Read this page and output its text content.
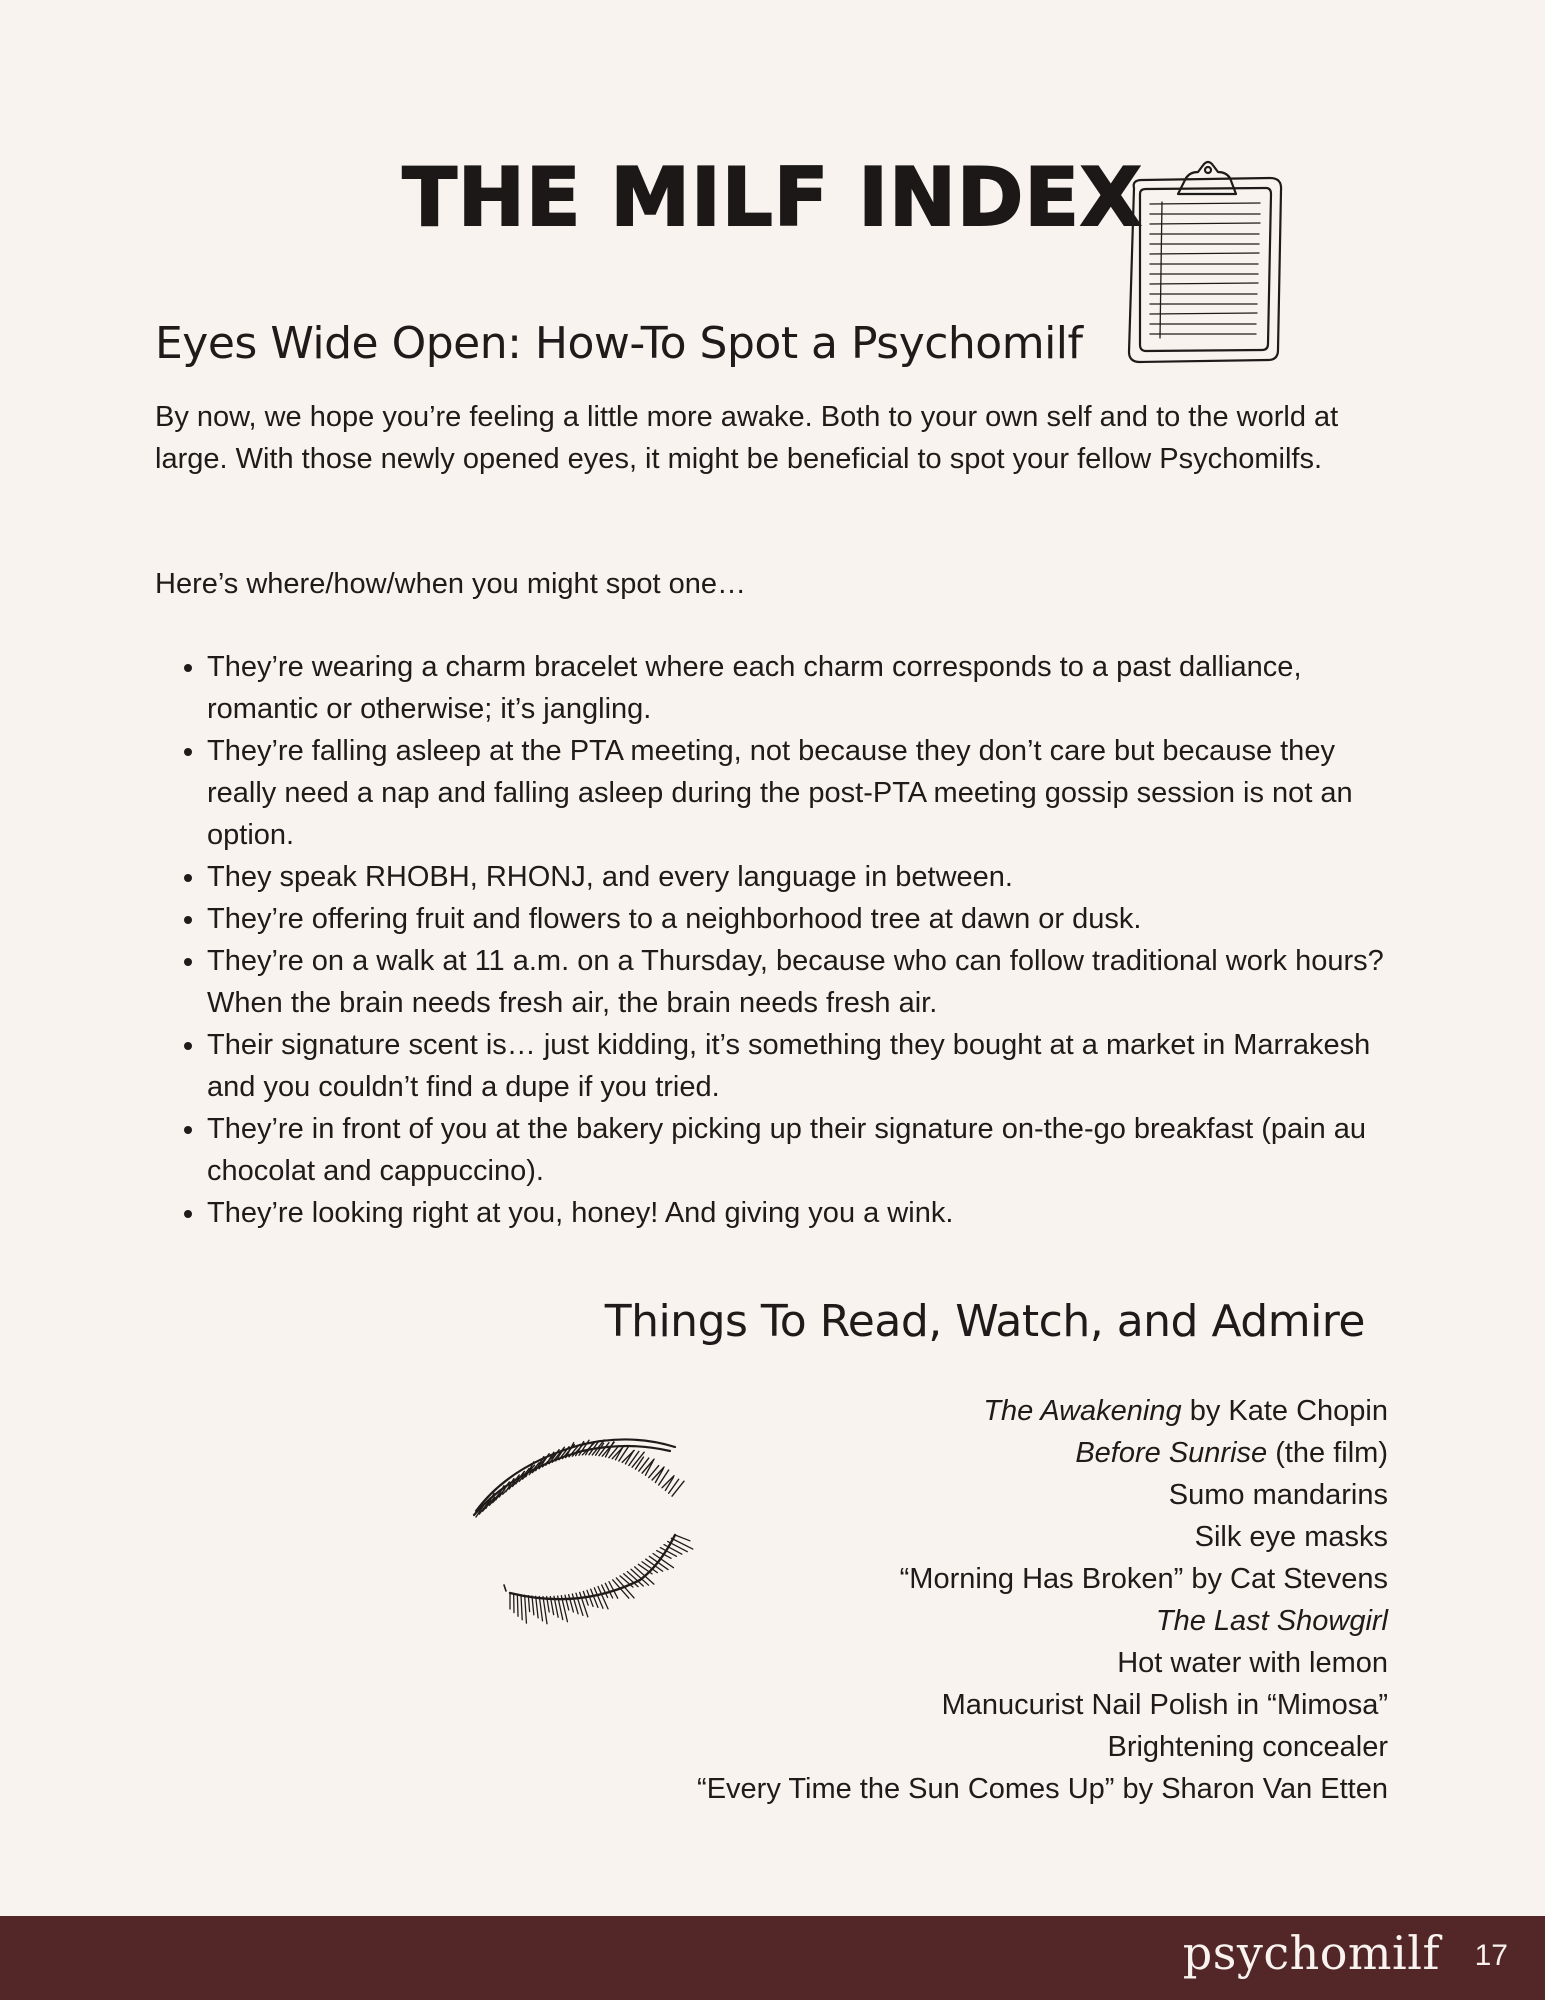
THE MILF INDEX
Eyes Wide Open: How-To Spot a Psychomilf

By now, we hope you’re feeling a little more awake. Both to your own self and to the world at large. With those newly opened eyes, it might be beneficial to spot your fellow Psychomilfs.

Here’s where/how/when you might spot one…

• They’re wearing a charm bracelet where each charm corresponds to a past dalliance, romantic or otherwise; it’s jangling.
• They’re falling asleep at the PTA meeting, not because they don’t care but because they really need a nap and falling asleep during the post-PTA meeting gossip session is not an option.
• They speak RHOBH, RHONJ, and every language in between.
• They’re offering fruit and flowers to a neighborhood tree at dawn or dusk.
• They’re on a walk at 11 a.m. on a Thursday, because who can follow traditional work hours? When the brain needs fresh air, the brain needs fresh air.
• Their signature scent is… just kidding, it’s something they bought at a market in Marrakesh and you couldn’t find a dupe if you tried.
• They’re in front of you at the bakery picking up their signature on-the-go breakfast (pain au chocolat and cappuccino).
• They’re looking right at you, honey! And giving you a wink.
Things To Read, Watch, and Admire
The Awakening by Kate Chopin
Before Sunrise (the film)
Sumo mandarins
Silk eye masks
“Morning Has Broken” by Cat Stevens
The Last Showgirl
Hot water with lemon
Manucurist Nail Polish in “Mimosa”
Brightening concealer
“Every Time the Sun Comes Up” by Sharon Van Etten
psychomilf 17
